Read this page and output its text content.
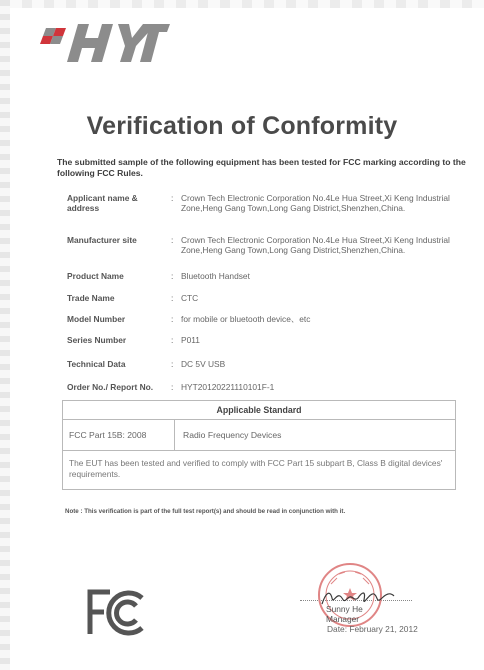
Verification of Conformity
The submitted sample of the following equipment has been tested for FCC marking according to the following FCC Rules.
Applicant name & address
: Crown Tech Electronic Corporation No.4Le Hua Street,Xi Keng Industrial Zone,Heng Gang Town,Long Gang District,Shenzhen,China.
Manufacturer site	: Crown Tech Electronic Corporation No.4Le Hua Street,Xi Keng Industrial Zone,Heng Gang Town,Long Gang District,Shenzhen,China.
Product Name	: Bluetooth Handset
Trade Name	: CTC
Model Number	: for mobile or bluetooth device、etc
Series Number	: P011
Technical Data	: DC 5V USB
Order No./ Report No.	: HYT20120221110101F-1
Applicable Standard
FCC Part 15B: 2008	Radio Frequency Devices
The EUT has been tested and verified to comply with FCC Part 15 subpart B, Class B digital devices' requirements.
Note : This verification is part of the full test report(s) and should be read in conjunction with it.
Sunny He
Manager
Date: February 21, 2012
